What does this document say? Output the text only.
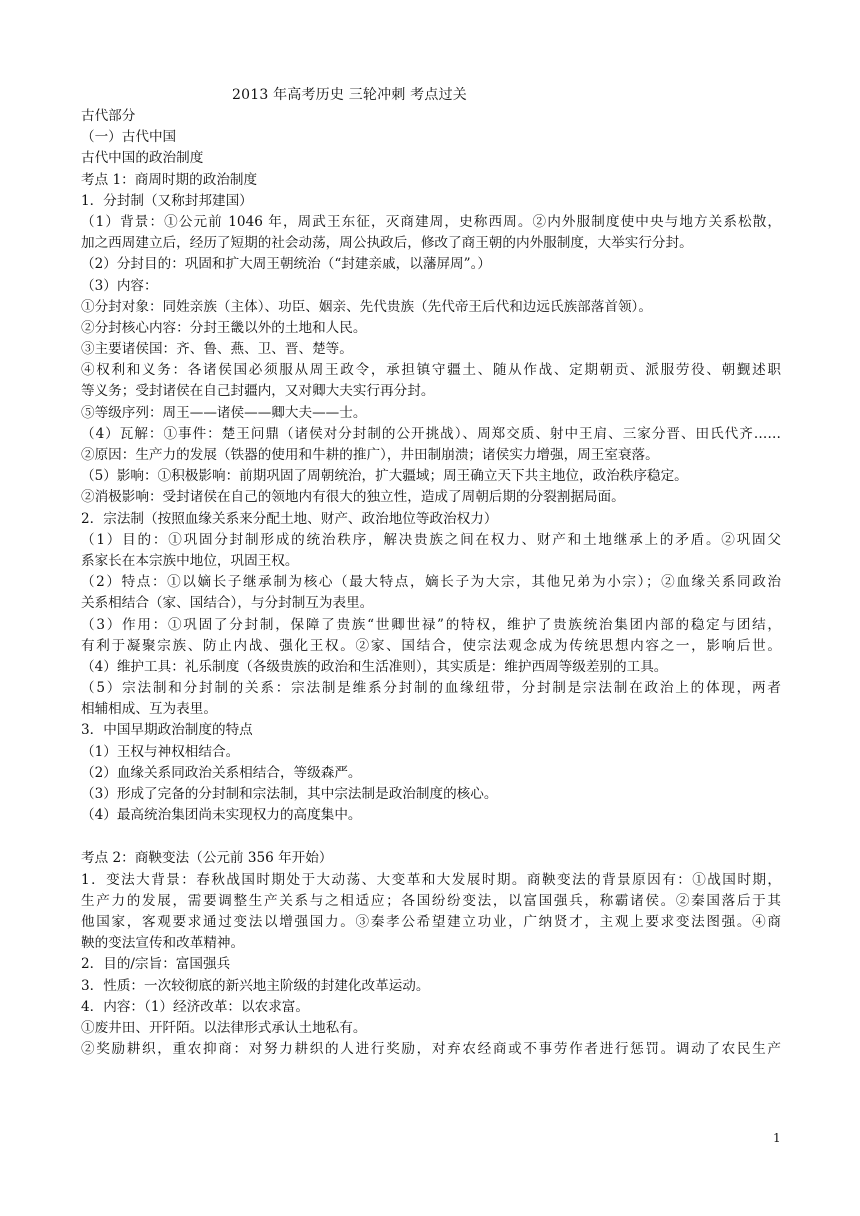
2013 年高考历史 三轮冲刺 考点过关
古代部分
（一）古代中国
古代中国的政治制度
考点 1：商周时期的政治制度
1．分封制（又称封邦建国）
（1）背景：①公元前 1046 年，周武王东征，灭商建周，史称西周。②内外服制度使中央与地方关系松散，
加之西周建立后，经历了短期的社会动荡，周公执政后，修改了商王朝的内外服制度，大举实行分封。
（2）分封目的：巩固和扩大周王朝统治（“封建亲戚，以藩屏周”。）
（3）内容：
①分封对象：同姓亲族（主体）、功臣、姻亲、先代贵族（先代帝王后代和边远氏族部落首领）。
②分封核心内容：分封王畿以外的土地和人民。
③主要诸侯国：齐、鲁、燕、卫、晋、楚等。
④权利和义务：各诸侯国必须服从周王政令，承担镇守疆土、随从作战、定期朝贡、派服劳役、朝觐述职
等义务；受封诸侯在自己封疆内，又对卿大夫实行再分封。
⑤等级序列：周王——诸侯——卿大夫——士。
（4）瓦解：①事件：楚王问鼎（诸侯对分封制的公开挑战）、周郑交质、射中王肩、三家分晋、田氏代齐……
②原因：生产力的发展（铁器的使用和牛耕的推广），井田制崩溃；诸侯实力增强，周王室衰落。
（5）影响：①积极影响：前期巩固了周朝统治，扩大疆域；周王确立天下共主地位，政治秩序稳定。
②消极影响：受封诸侯在自己的领地内有很大的独立性，造成了周朝后期的分裂割据局面。
2．宗法制（按照血缘关系来分配土地、财产、政治地位等政治权力）
（1）目的：①巩固分封制形成的统治秩序，解决贵族之间在权力、财产和土地继承上的矛盾。②巩固父
系家长在本宗族中地位，巩固王权。
（2）特点：①以嫡长子继承制为核心（最大特点，嫡长子为大宗，其他兄弟为小宗）；②血缘关系同政治
关系相结合（家、国结合），与分封制互为表里。
（3）作用：①巩固了分封制，保障了贵族“世卿世禄”的特权，维护了贵族统治集团内部的稳定与团结，
有利于凝聚宗族、防止内战、强化王权。②家、国结合，使宗法观念成为传统思想内容之一，影响后世。
（4）维护工具：礼乐制度（各级贵族的政治和生活准则），其实质是：维护西周等级差别的工具。
（5）宗法制和分封制的关系：宗法制是维系分封制的血缘纽带，分封制是宗法制在政治上的体现，两者
相辅相成、互为表里。
3．中国早期政治制度的特点
（1）王权与神权相结合。
（2）血缘关系同政治关系相结合，等级森严。
（3）形成了完备的分封制和宗法制，其中宗法制是政治制度的核心。
（4）最高统治集团尚未实现权力的高度集中。
考点 2：商鞅变法（公元前 356 年开始）
1．变法大背景：春秋战国时期处于大动荡、大变革和大发展时期。商鞅变法的背景原因有：①战国时期，
生产力的发展，需要调整生产关系与之相适应；各国纷纷变法，以富国强兵，称霸诸侯。②秦国落后于其
他国家，客观要求通过变法以增强国力。③秦孝公希望建立功业，广纳贤才，主观上要求变法图强。④商
鞅的变法宣传和改革精神。
2．目的/宗旨：富国强兵
3．性质：一次较彻底的新兴地主阶级的封建化改革运动。
4．内容：（1）经济改革：以农求富。
①废井田、开阡陌。以法律形式承认土地私有。
②奖励耕织，重农抑商：对努力耕织的人进行奖励，对弃农经商或不事劳作者进行惩罚。调动了农民生产
1
